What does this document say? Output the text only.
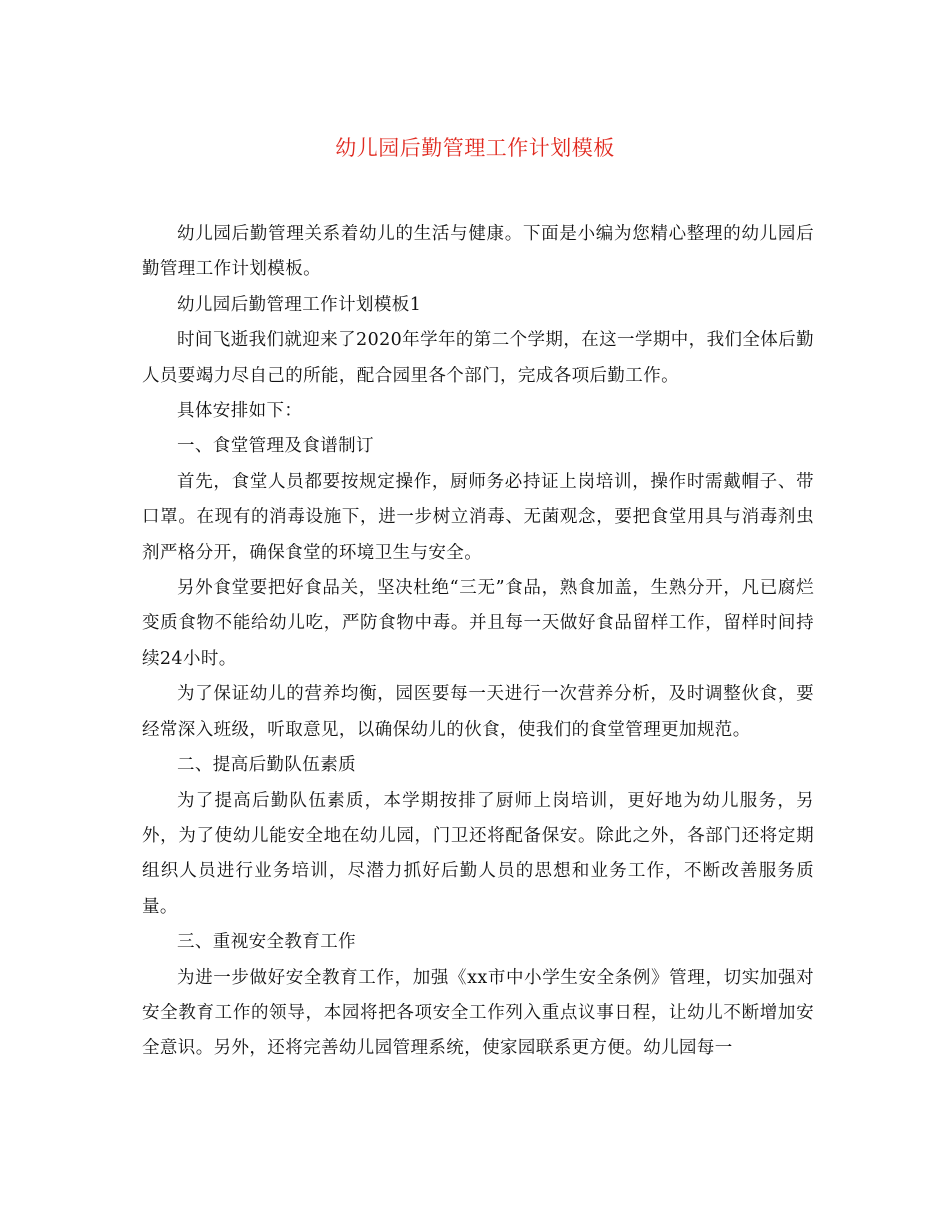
幼儿园后勤管理工作计划模板

幼儿园后勤管理关系着幼儿的生活与健康。下面是小编为您精心整理的幼儿园后勤管理工作计划模板。

幼儿园后勤管理工作计划模板1

时间飞逝我们就迎来了2020年学年的第二个学期，在这一学期中，我们全体后勤人员要竭力尽自己的所能，配合园里各个部门，完成各项后勤工作。

具体安排如下：

一、食堂管理及食谱制订

首先，食堂人员都要按规定操作，厨师务必持证上岗培训，操作时需戴帽子、带口罩。在现有的消毒设施下，进一步树立消毒、无菌观念，要把食堂用具与消毒剂虫剂严格分开，确保食堂的环境卫生与安全。

另外食堂要把好食品关，坚决杜绝“三无”食品，熟食加盖，生熟分开，凡已腐烂变质食物不能给幼儿吃，严防食物中毒。并且每一天做好食品留样工作，留样时间持续24小时。

为了保证幼儿的营养均衡，园医要每一天进行一次营养分析，及时调整伙食，要经常深入班级，听取意见，以确保幼儿的伙食，使我们的食堂管理更加规范。

二、提高后勤队伍素质

为了提高后勤队伍素质，本学期按排了厨师上岗培训，更好地为幼儿服务，另外，为了使幼儿能安全地在幼儿园，门卫还将配备保安。除此之外，各部门还将定期组织人员进行业务培训，尽潜力抓好后勤人员的思想和业务工作，不断改善服务质量。

三、重视安全教育工作

为进一步做好安全教育工作，加强《xx市中小学生安全条例》管理，切实加强对安全教育工作的领导，本园将把各项安全工作列入重点议事日程，让幼儿不断增加安全意识。另外，还将完善幼儿园管理系统，使家园联系更方便。幼儿园每一
